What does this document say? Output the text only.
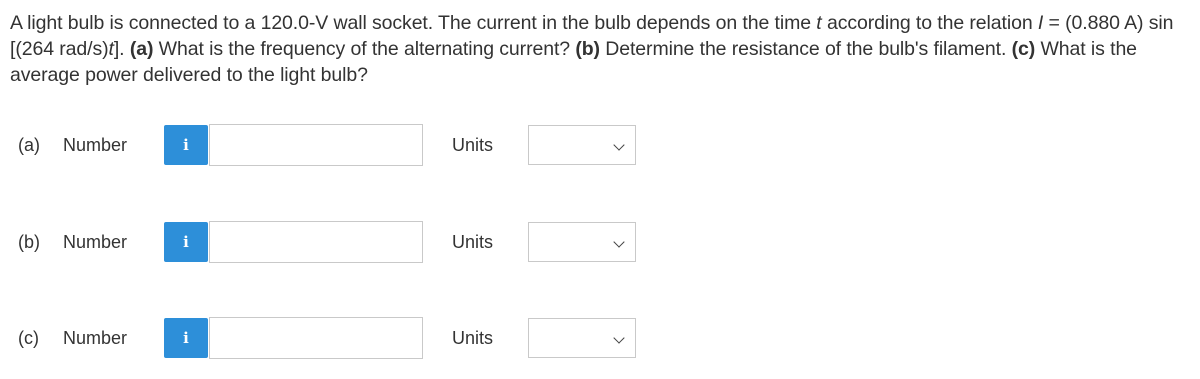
A light bulb is connected to a 120.0-V wall socket. The current in the bulb depends on the time t according to the relation I = (0.880 A) sin [(264 rad/s)t]. (a) What is the frequency of the alternating current? (b) Determine the resistance of the bulb's filament. (c) What is the average power delivered to the light bulb?
(a) Number	i	Units
(b) Number	i	Units
(c) Number	i	Units
